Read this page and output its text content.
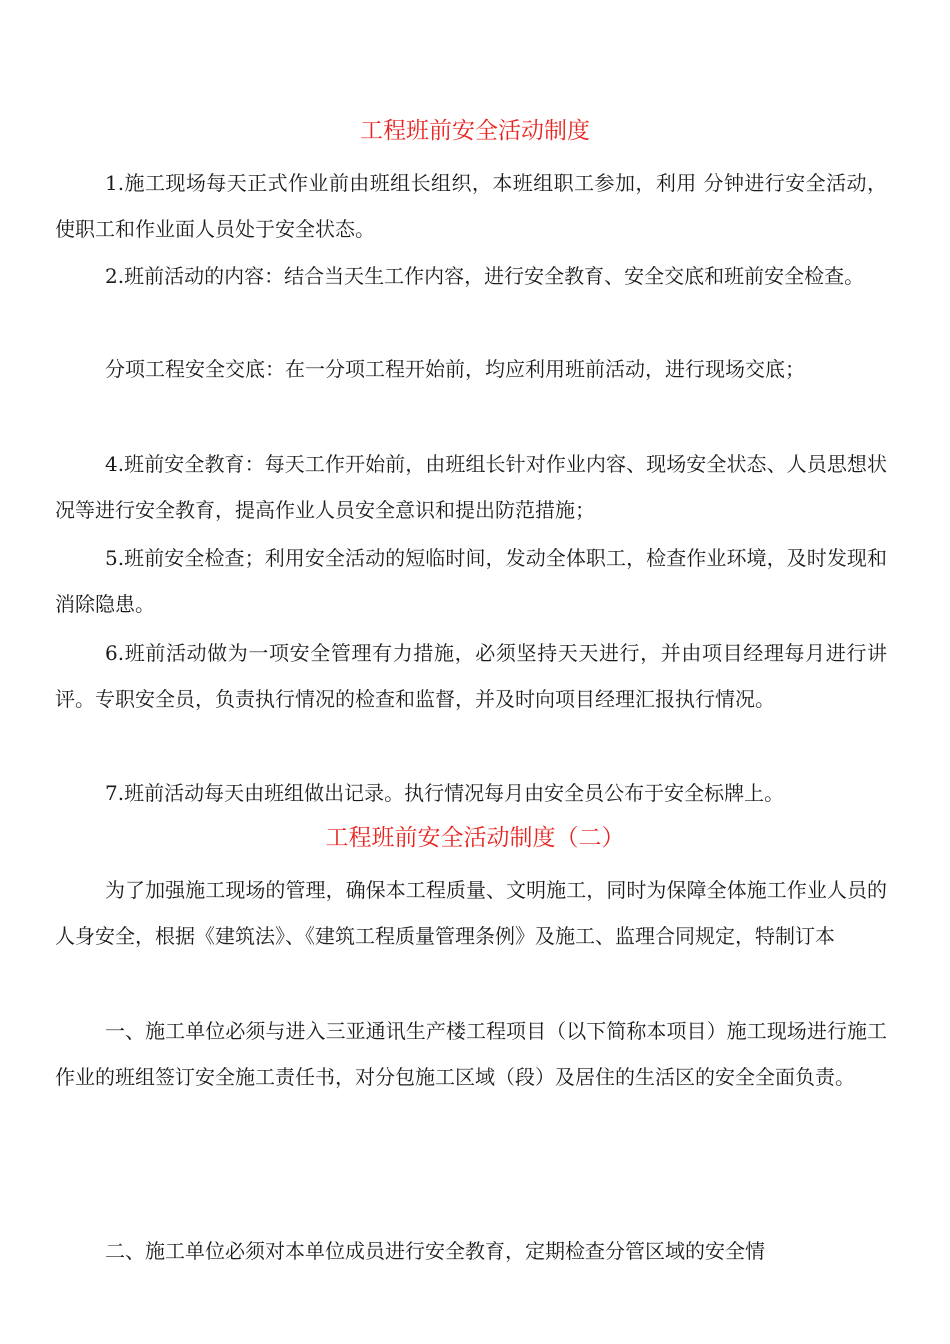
工程班前安全活动制度

1.施工现场每天正式作业前由班组长组织，本班组职工参加，利用 分钟进行安全活动，使职工和作业面人员处于安全状态。

2.班前活动的内容：结合当天生工作内容，进行安全教育、安全交底和班前安全检查。

分项工程安全交底：在一分项工程开始前，均应利用班前活动，进行现场交底；

4.班前安全教育：每天工作开始前，由班组长针对作业内容、现场安全状态、人员思想状况等进行安全教育，提高作业人员安全意识和提出防范措施；

5.班前安全检查；利用安全活动的短临时间，发动全体职工，检查作业环境，及时发现和消除隐患。

6.班前活动做为一项安全管理有力措施，必须坚持天天进行，并由项目经理每月进行讲评。专职安全员，负责执行情况的检查和监督，并及时向项目经理汇报执行情况。

7.班前活动每天由班组做出记录。执行情况每月由安全员公布于安全标牌上。

工程班前安全活动制度（二）

为了加强施工现场的管理，确保本工程质量、文明施工，同时为保障全体施工作业人员的人身安全，根据《建筑法》、《建筑工程质量管理条例》及施工、监理合同规定，特制订本

一、施工单位必须与进入三亚通讯生产楼工程项目（以下简称本项目）施工现场进行施工作业的班组签订安全施工责任书，对分包施工区域（段）及居住的生活区的安全全面负责。

二、施工单位必须对本单位成员进行安全教育，定期检查分管区域的安全情
